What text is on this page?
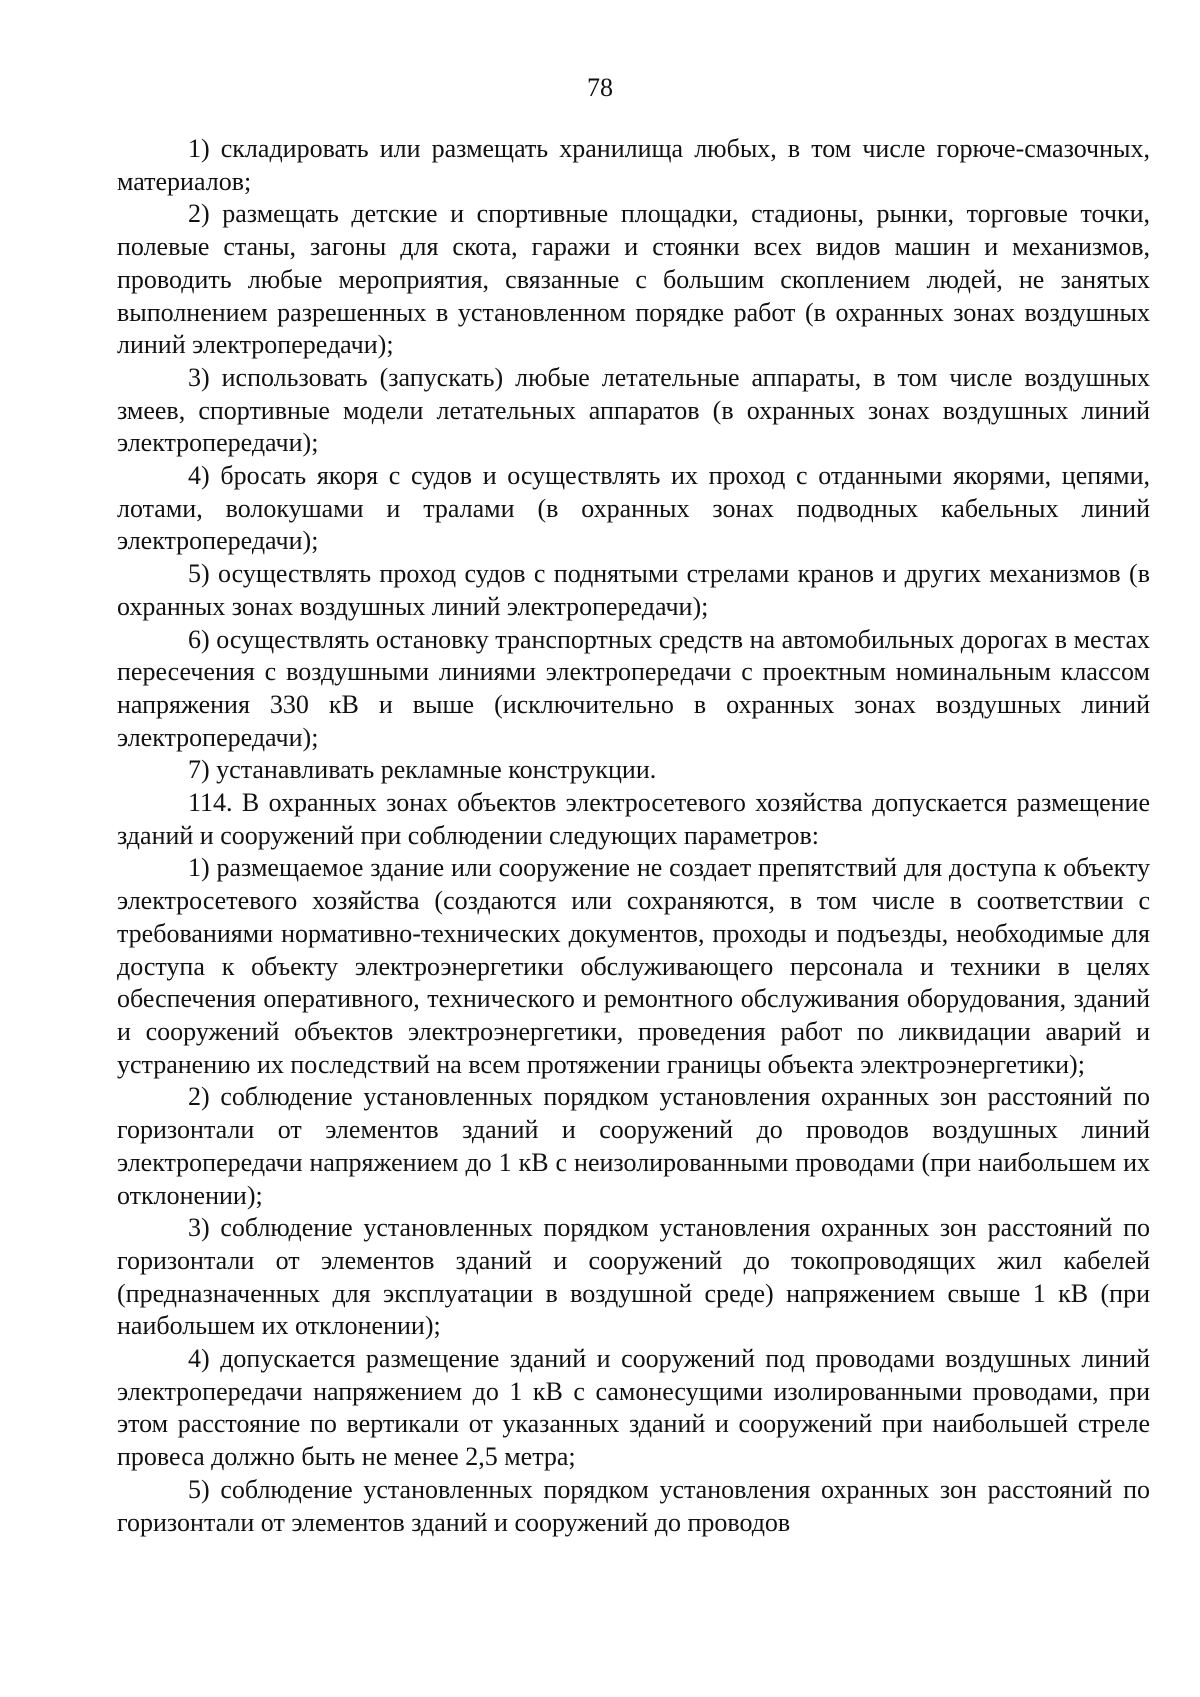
78

1) складировать или размещать хранилища любых, в том числе горюче-смазочных, материалов;

2) размещать детские и спортивные площадки, стадионы, рынки, торговые точки, полевые станы, загоны для скота, гаражи и стоянки всех видов машин и механизмов, проводить любые мероприятия, связанные с большим скоплением людей, не занятых выполнением разрешенных в установленном порядке работ (в охранных зонах воздушных линий электропередачи);

3) использовать (запускать) любые летательные аппараты, в том числе воздушных змеев, спортивные модели летательных аппаратов (в охранных зонах воздушных линий электропередачи);

4) бросать якоря с судов и осуществлять их проход с отданными якорями, цепями, лотами, волокушами и тралами (в охранных зонах подводных кабельных линий электропередачи);

5) осуществлять проход судов с поднятыми стрелами кранов и других механизмов (в охранных зонах воздушных линий электропередачи);

6) осуществлять остановку транспортных средств на автомобильных дорогах в местах пересечения с воздушными линиями электропередачи с проектным номинальным классом напряжения 330 кВ и выше (исключительно в охранных зонах воздушных линий электропередачи);

7) устанавливать рекламные конструкции.

114. В охранных зонах объектов электросетевого хозяйства допускается размещение зданий и сооружений при соблюдении следующих параметров:

1) размещаемое здание или сооружение не создает препятствий для доступа к объекту электросетевого хозяйства (создаются или сохраняются, в том числе в соответствии с требованиями нормативно-технических документов, проходы и подъезды, необходимые для доступа к объекту электроэнергетики обслуживающего персонала и техники в целях обеспечения оперативного, технического и ремонтного обслуживания оборудования, зданий и сооружений объектов электроэнергетики, проведения работ по ликвидации аварий и устранению их последствий на всем протяжении границы объекта электроэнергетики);

2) соблюдение установленных порядком установления охранных зон расстояний по горизонтали от элементов зданий и сооружений до проводов воздушных линий электропередачи напряжением до 1 кВ с неизолированными проводами (при наибольшем их отклонении);

3) соблюдение установленных порядком установления охранных зон расстояний по горизонтали от элементов зданий и сооружений до токопроводящих жил кабелей (предназначенных для эксплуатации в воздушной среде) напряжением свыше 1 кВ (при наибольшем их отклонении);

4) допускается размещение зданий и сооружений под проводами воздушных линий электропередачи напряжением до 1 кВ с самонесущими изолированными проводами, при этом расстояние по вертикали от указанных зданий и сооружений при наибольшей стреле провеса должно быть не менее 2,5 метра;

5) соблюдение установленных порядком установления охранных зон расстояний по горизонтали от элементов зданий и сооружений до проводов
